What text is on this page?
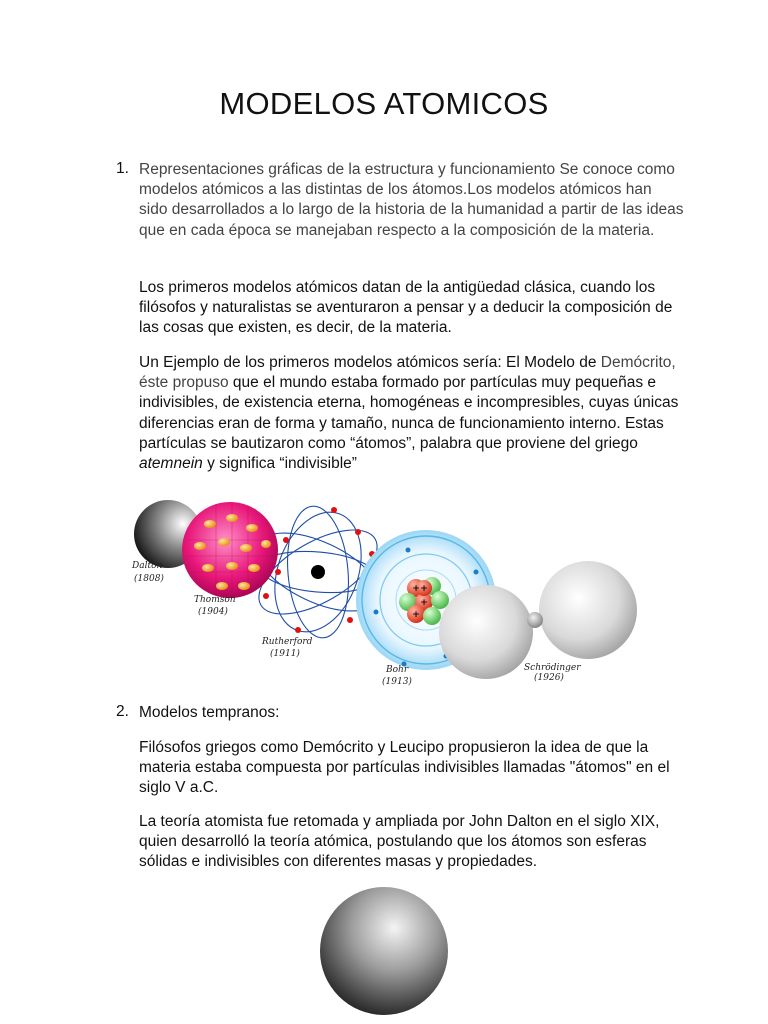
MODELOS ATOMICOS
1. Representaciones gráficas de la estructura y funcionamiento Se conoce como modelos atómicos a las distintas de los átomos.Los modelos atómicos han sido desarrollados a lo largo de la historia de la humanidad a partir de las ideas que en cada época se manejaban respecto a la composición de la materia.

Los primeros modelos atómicos datan de la antigüedad clásica, cuando los filósofos y naturalistas se aventuraron a pensar y a deducir la composición de las cosas que existen, es decir, de la materia.

Un Ejemplo de los primeros modelos atómicos sería: El Modelo de Demócrito, éste propuso que el mundo estaba formado por partículas muy pequeñas e indivisibles, de existencia eterna, homogéneas e incompresibles, cuyas únicas diferencias eran de forma y tamaño, nunca de funcionamiento interno. Estas partículas se bautizaron como “átomos”, palabra que proviene del griego atemnein y significa “indivisible”

+
+
+
+
Dalton
(1808)
Thomson
(1904)
Rutherford
(1911)
Bohr
(1913)
Schrödinger
(1926)
2. Modelos tempranos:

Filósofos griegos como Demócrito y Leucipo propusieron la idea de que la materia estaba compuesta por partículas indivisibles llamadas "átomos" en el siglo V a.C.

La teoría atomista fue retomada y ampliada por John Dalton en el siglo XIX, quien desarrolló la teoría atómica, postulando que los átomos son esferas sólidas e indivisibles con diferentes masas y propiedades.
